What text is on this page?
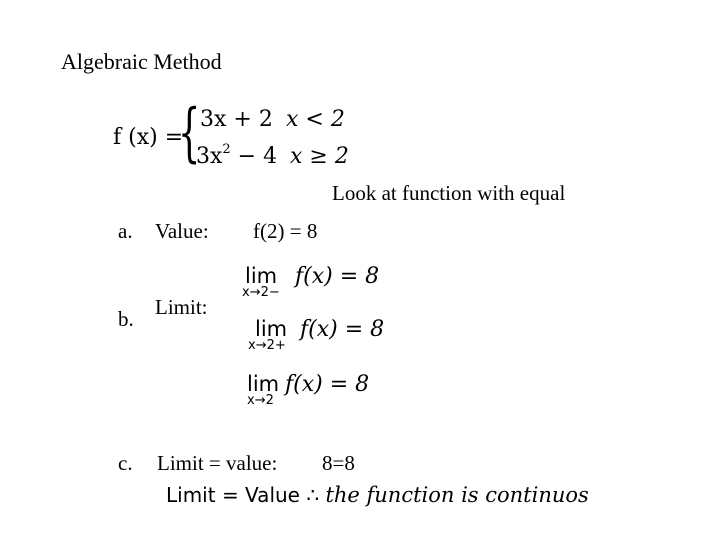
Algebraic Method
f (x) =
{ 3x + 2 x < 2
$3x^2 - 4$ x ≥ 2
Look at function with equal
a. Value: f(2) = 8
b. Limit:
lim
x→2−
f(x) = 8
lim
x→2+
f(x) = 8
lim
x→2
f(x) = 8
c. Limit = value: 8=8
Limit = Value ∴ the function is continuos
